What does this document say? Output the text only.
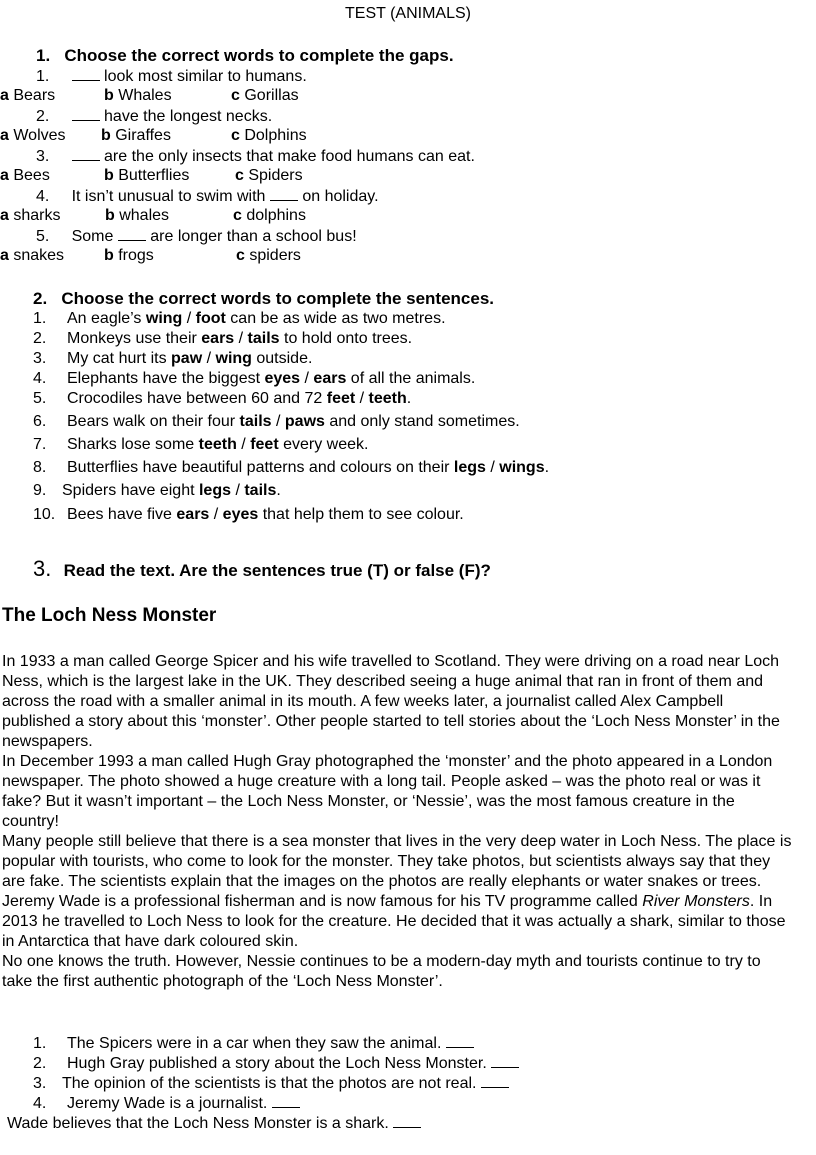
TEST (ANIMALS)
1. Choose the correct words to complete the gaps.
1.	look most similar to humans.
a Bears	b Whales	c Gorillas
2.	have the longest necks.
a Wolves b Giraffes	c Dolphins
3.	are the only insects that make food humans can eat.
a Bees	b Butterflies	c Spiders
4. It isn’t unusual to swim with  on holiday.
a sharks	b whales	c dolphins
5. Some  are longer than a school bus!
a snakes b frogs	c spiders
2. Choose the correct words to complete the sentences.
1. An eagle’s wing / foot can be as wide as two metres.
2. Monkeys use their ears / tails to hold onto trees.
3. My cat hurt its paw / wing outside.
4. Elephants have the biggest eyes / ears of all the animals.
5. Crocodiles have between 60 and 72 feet / teeth.
6. Bears walk on their four tails / paws and only stand sometimes.
7. Sharks lose some teeth / feet every week.
8. Butterflies have beautiful patterns and colours on their legs / wings.
9. Spiders have eight legs / tails.
10. Bees have five ears / eyes that help them to see colour.
3. Read the text. Are the sentences true (T) or false (F)?
The Loch Ness Monster

In 1933 a man called George Spicer and his wife travelled to Scotland. They were driving on a road near Loch Ness, which is the largest lake in the UK. They described seeing a huge animal that ran in front of them and across the road with a smaller animal in its mouth. A few weeks later, a journalist called Alex Campbell published a story about this ‘monster’. Other people started to tell stories about the ‘Loch Ness Monster’ in the newspapers.

In December 1993 a man called Hugh Gray photographed the ‘monster’ and the photo appeared in a London newspaper. The photo showed a huge creature with a long tail. People asked – was the photo real or was it fake? But it wasn’t important – the Loch Ness Monster, or ‘Nessie’, was the most famous creature in the country!

Many people still believe that there is a sea monster that lives in the very deep water in Loch Ness. The place is popular with tourists, who come to look for the monster. They take photos, but scientists always say that they are fake. The scientists explain that the images on the photos are really elephants or water snakes or trees.

Jeremy Wade is a professional fisherman and is now famous for his TV programme called River Monsters. In 2013 he travelled to Loch Ness to look for the creature. He decided that it was actually a shark, similar to those in Antarctica that have dark coloured skin.

No one knows the truth. However, Nessie continues to be a modern-day myth and tourists continue to try to take the first authentic photograph of the ‘Loch Ness Monster’.

1. The Spicers were in a car when they saw the animal.
2. Hugh Gray published a story about the Loch Ness Monster.
3. The opinion of the scientists is that the photos are not real.
4. Jeremy Wade is a journalist.
Wade believes that the Loch Ness Monster is a shark.
